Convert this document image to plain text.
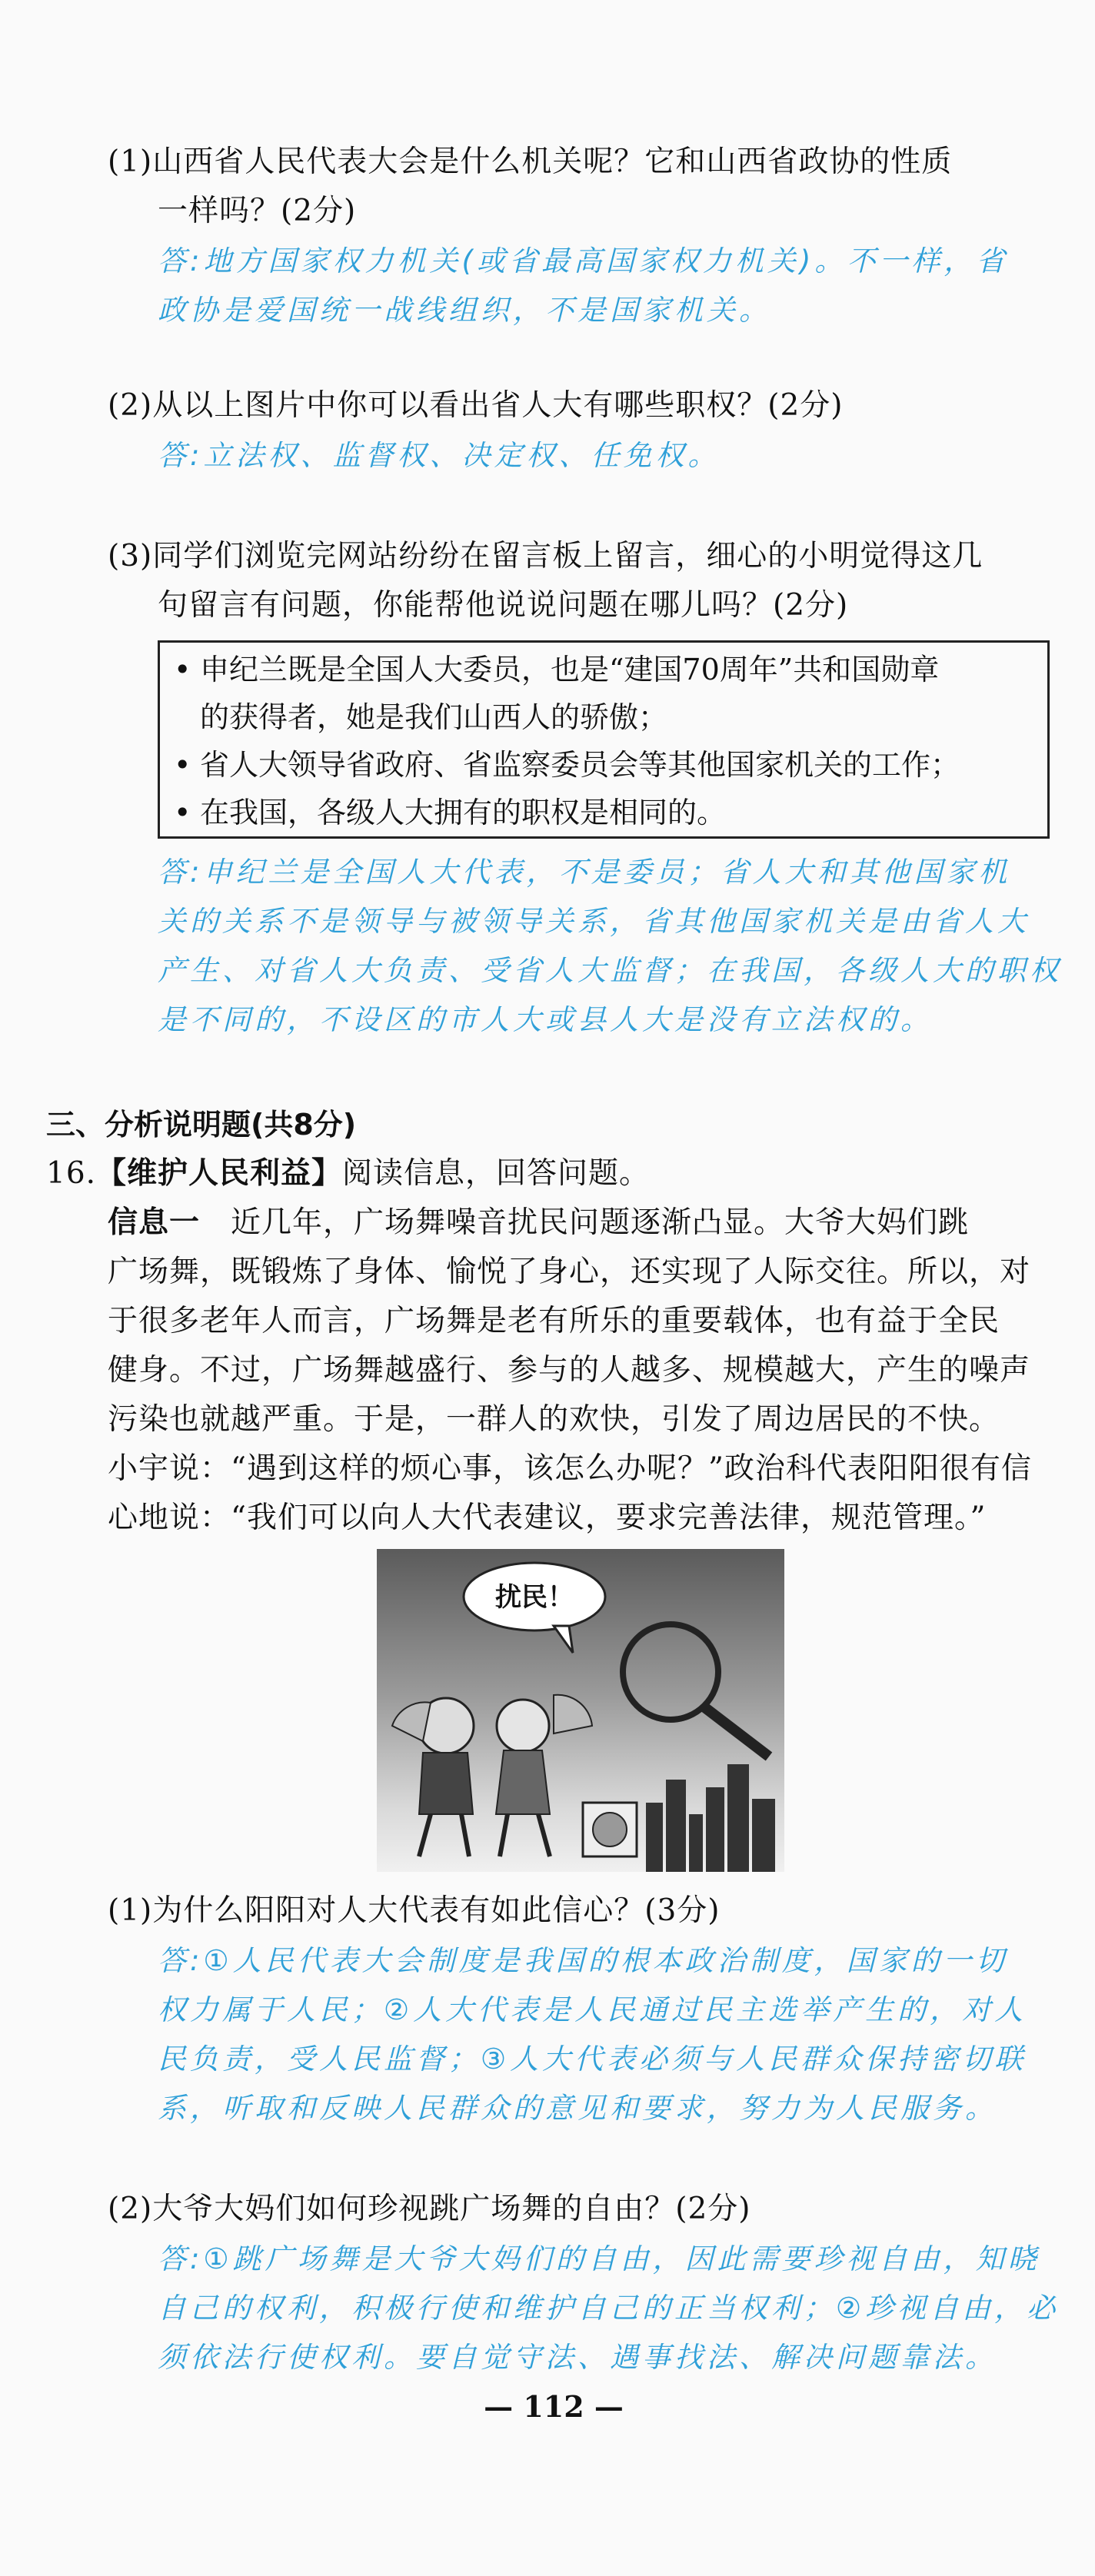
(1)山西省人民代表大会是什么机关呢？它和山西省政协的性质
一样吗？(2分)
答:地方国家权力机关(或省最高国家权力机关)。不一样，省
政协是爱国统一战线组织，不是国家机关。
(2)从以上图片中你可以看出省人大有哪些职权？(2分)
答:立法权、监督权、决定权、任免权。
(3)同学们浏览完网站纷纷在留言板上留言，细心的小明觉得这几
句留言有问题，你能帮他说说问题在哪儿吗？(2分)
• 申纪兰既是全国人大委员，也是“建国70周年”共和国勋章
的获得者，她是我们山西人的骄傲；
• 省人大领导省政府、省监察委员会等其他国家机关的工作；
• 在我国，各级人大拥有的职权是相同的。
答:申纪兰是全国人大代表，不是委员；省人大和其他国家机
关的关系不是领导与被领导关系，省其他国家机关是由省人大
产生、对省人大负责、受省人大监督；在我国，各级人大的职权
是不同的，不设区的市人大或县人大是没有立法权的。
三、分析说明题(共8分)
16.【维护人民利益】阅读信息，回答问题。
信息一 近几年，广场舞噪音扰民问题逐渐凸显。大爷大妈们跳
广场舞，既锻炼了身体、愉悦了身心，还实现了人际交往。所以，对
于很多老年人而言，广场舞是老有所乐的重要载体，也有益于全民
健身。不过，广场舞越盛行、参与的人越多、规模越大，产生的噪声
污染也就越严重。于是，一群人的欢快，引发了周边居民的不快。
小宇说：“遇到这样的烦心事，该怎么办呢？”政治科代表阳阳很有信
心地说：“我们可以向人大代表建议，要求完善法律，规范管理。”
扰民！
(1)为什么阳阳对人大代表有如此信心？(3分)
答:①人民代表大会制度是我国的根本政治制度，国家的一切
权力属于人民；②人大代表是人民通过民主选举产生的，对人
民负责，受人民监督；③人大代表必须与人民群众保持密切联
系，听取和反映人民群众的意见和要求，努力为人民服务。
(2)大爷大妈们如何珍视跳广场舞的自由？(2分)
答:①跳广场舞是大爷大妈们的自由，因此需要珍视自由，知晓
自己的权利，积极行使和维护自己的正当权利；②珍视自由，必
须依法行使权利。要自觉守法、遇事找法、解决问题靠法。
— 112 —
